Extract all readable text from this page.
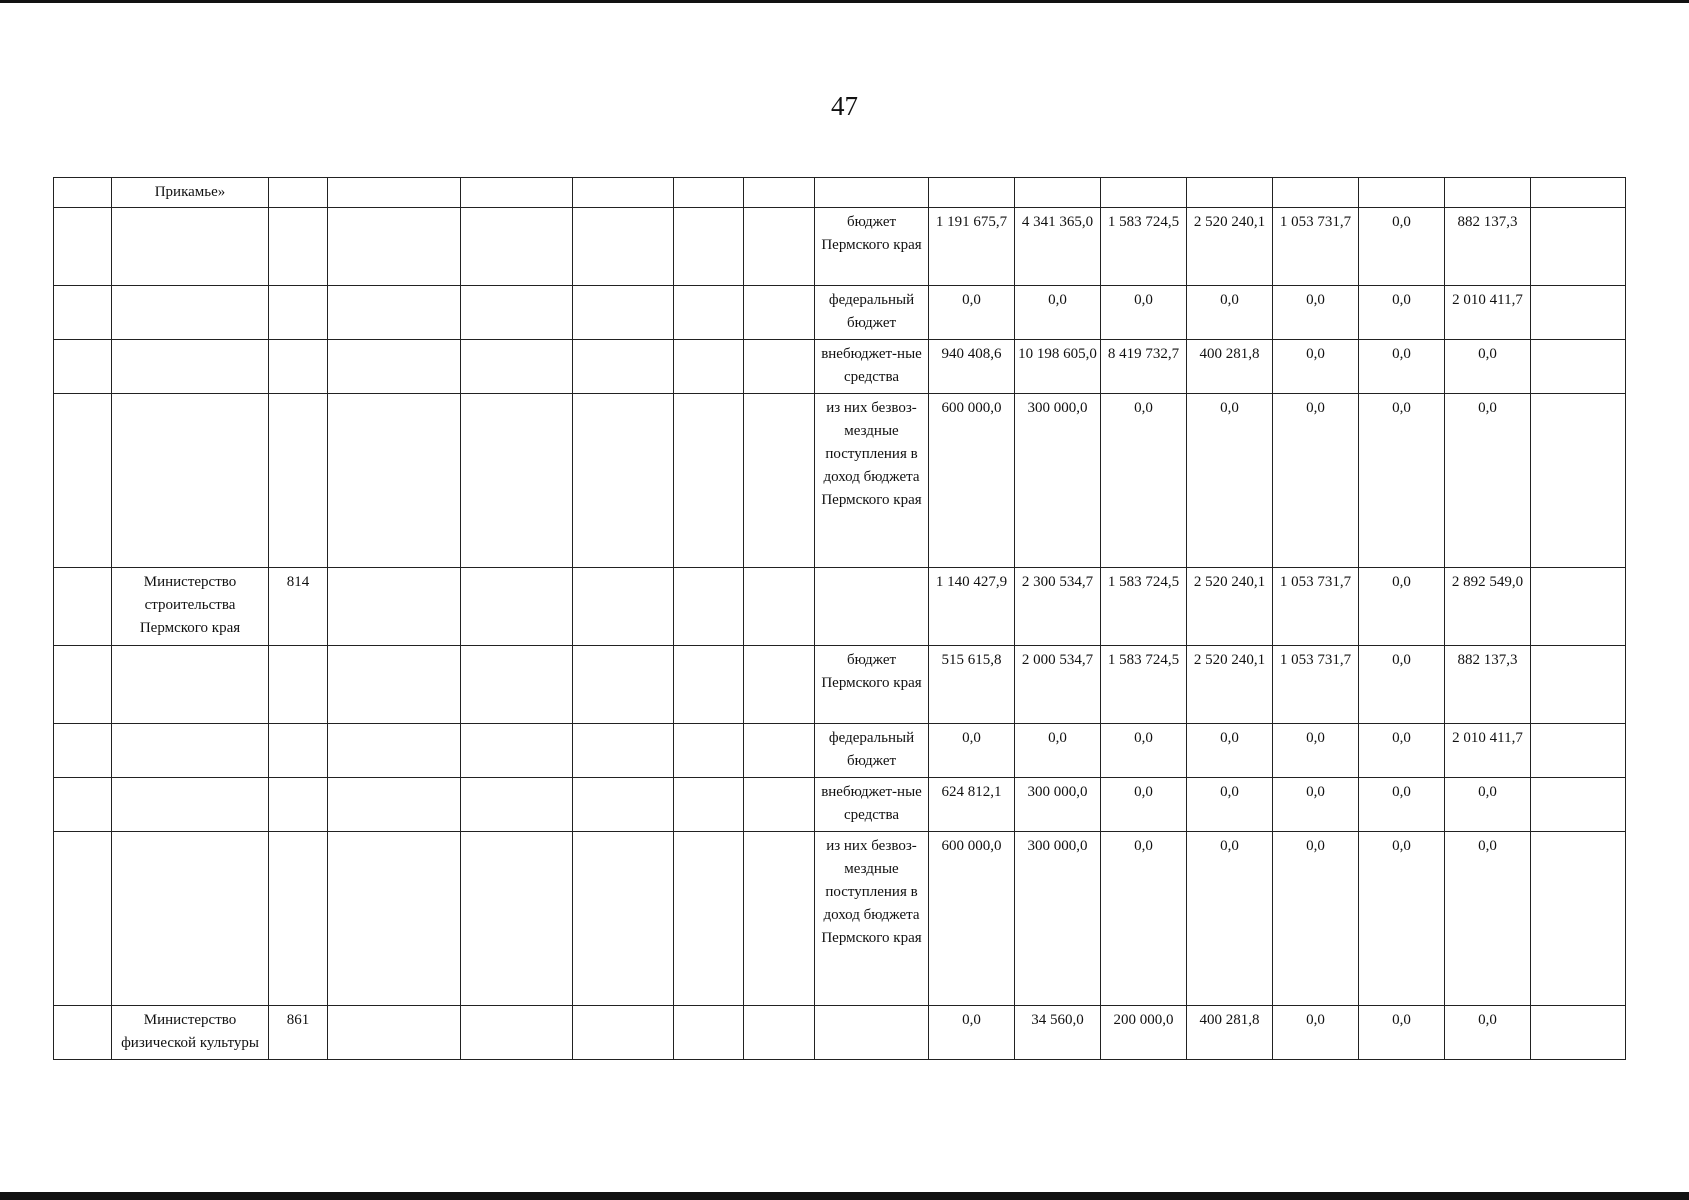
47
	Прикамье»															
								бюджет Пермского края	1 191 675,7	4 341 365,0	1 583 724,5	2 520 240,1	1 053 731,7	0,0	882 137,3	
								федеральный бюджет	0,0	0,0	0,0	0,0	0,0	0,0	2 010 411,7	
								внебюджет-ные средства	940 408,6	10 198 605,0	8 419 732,7	400 281,8	0,0	0,0	0,0	
								из них безвоз-мездные поступления в доход бюджета Пермского края	600 000,0	300 000,0	0,0	0,0	0,0	0,0	0,0	
	Министерство строительства Пермского края	814							1 140 427,9	2 300 534,7	1 583 724,5	2 520 240,1	1 053 731,7	0,0	2 892 549,0	
								бюджет Пермского края	515 615,8	2 000 534,7	1 583 724,5	2 520 240,1	1 053 731,7	0,0	882 137,3	
								федеральный бюджет	0,0	0,0	0,0	0,0	0,0	0,0	2 010 411,7	
								внебюджет-ные средства	624 812,1	300 000,0	0,0	0,0	0,0	0,0	0,0	
								из них безвоз-мездные поступления в доход бюджета Пермского края	600 000,0	300 000,0	0,0	0,0	0,0	0,0	0,0	
	Министерство физической культуры	861							0,0	34 560,0	200 000,0	400 281,8	0,0	0,0	0,0	
